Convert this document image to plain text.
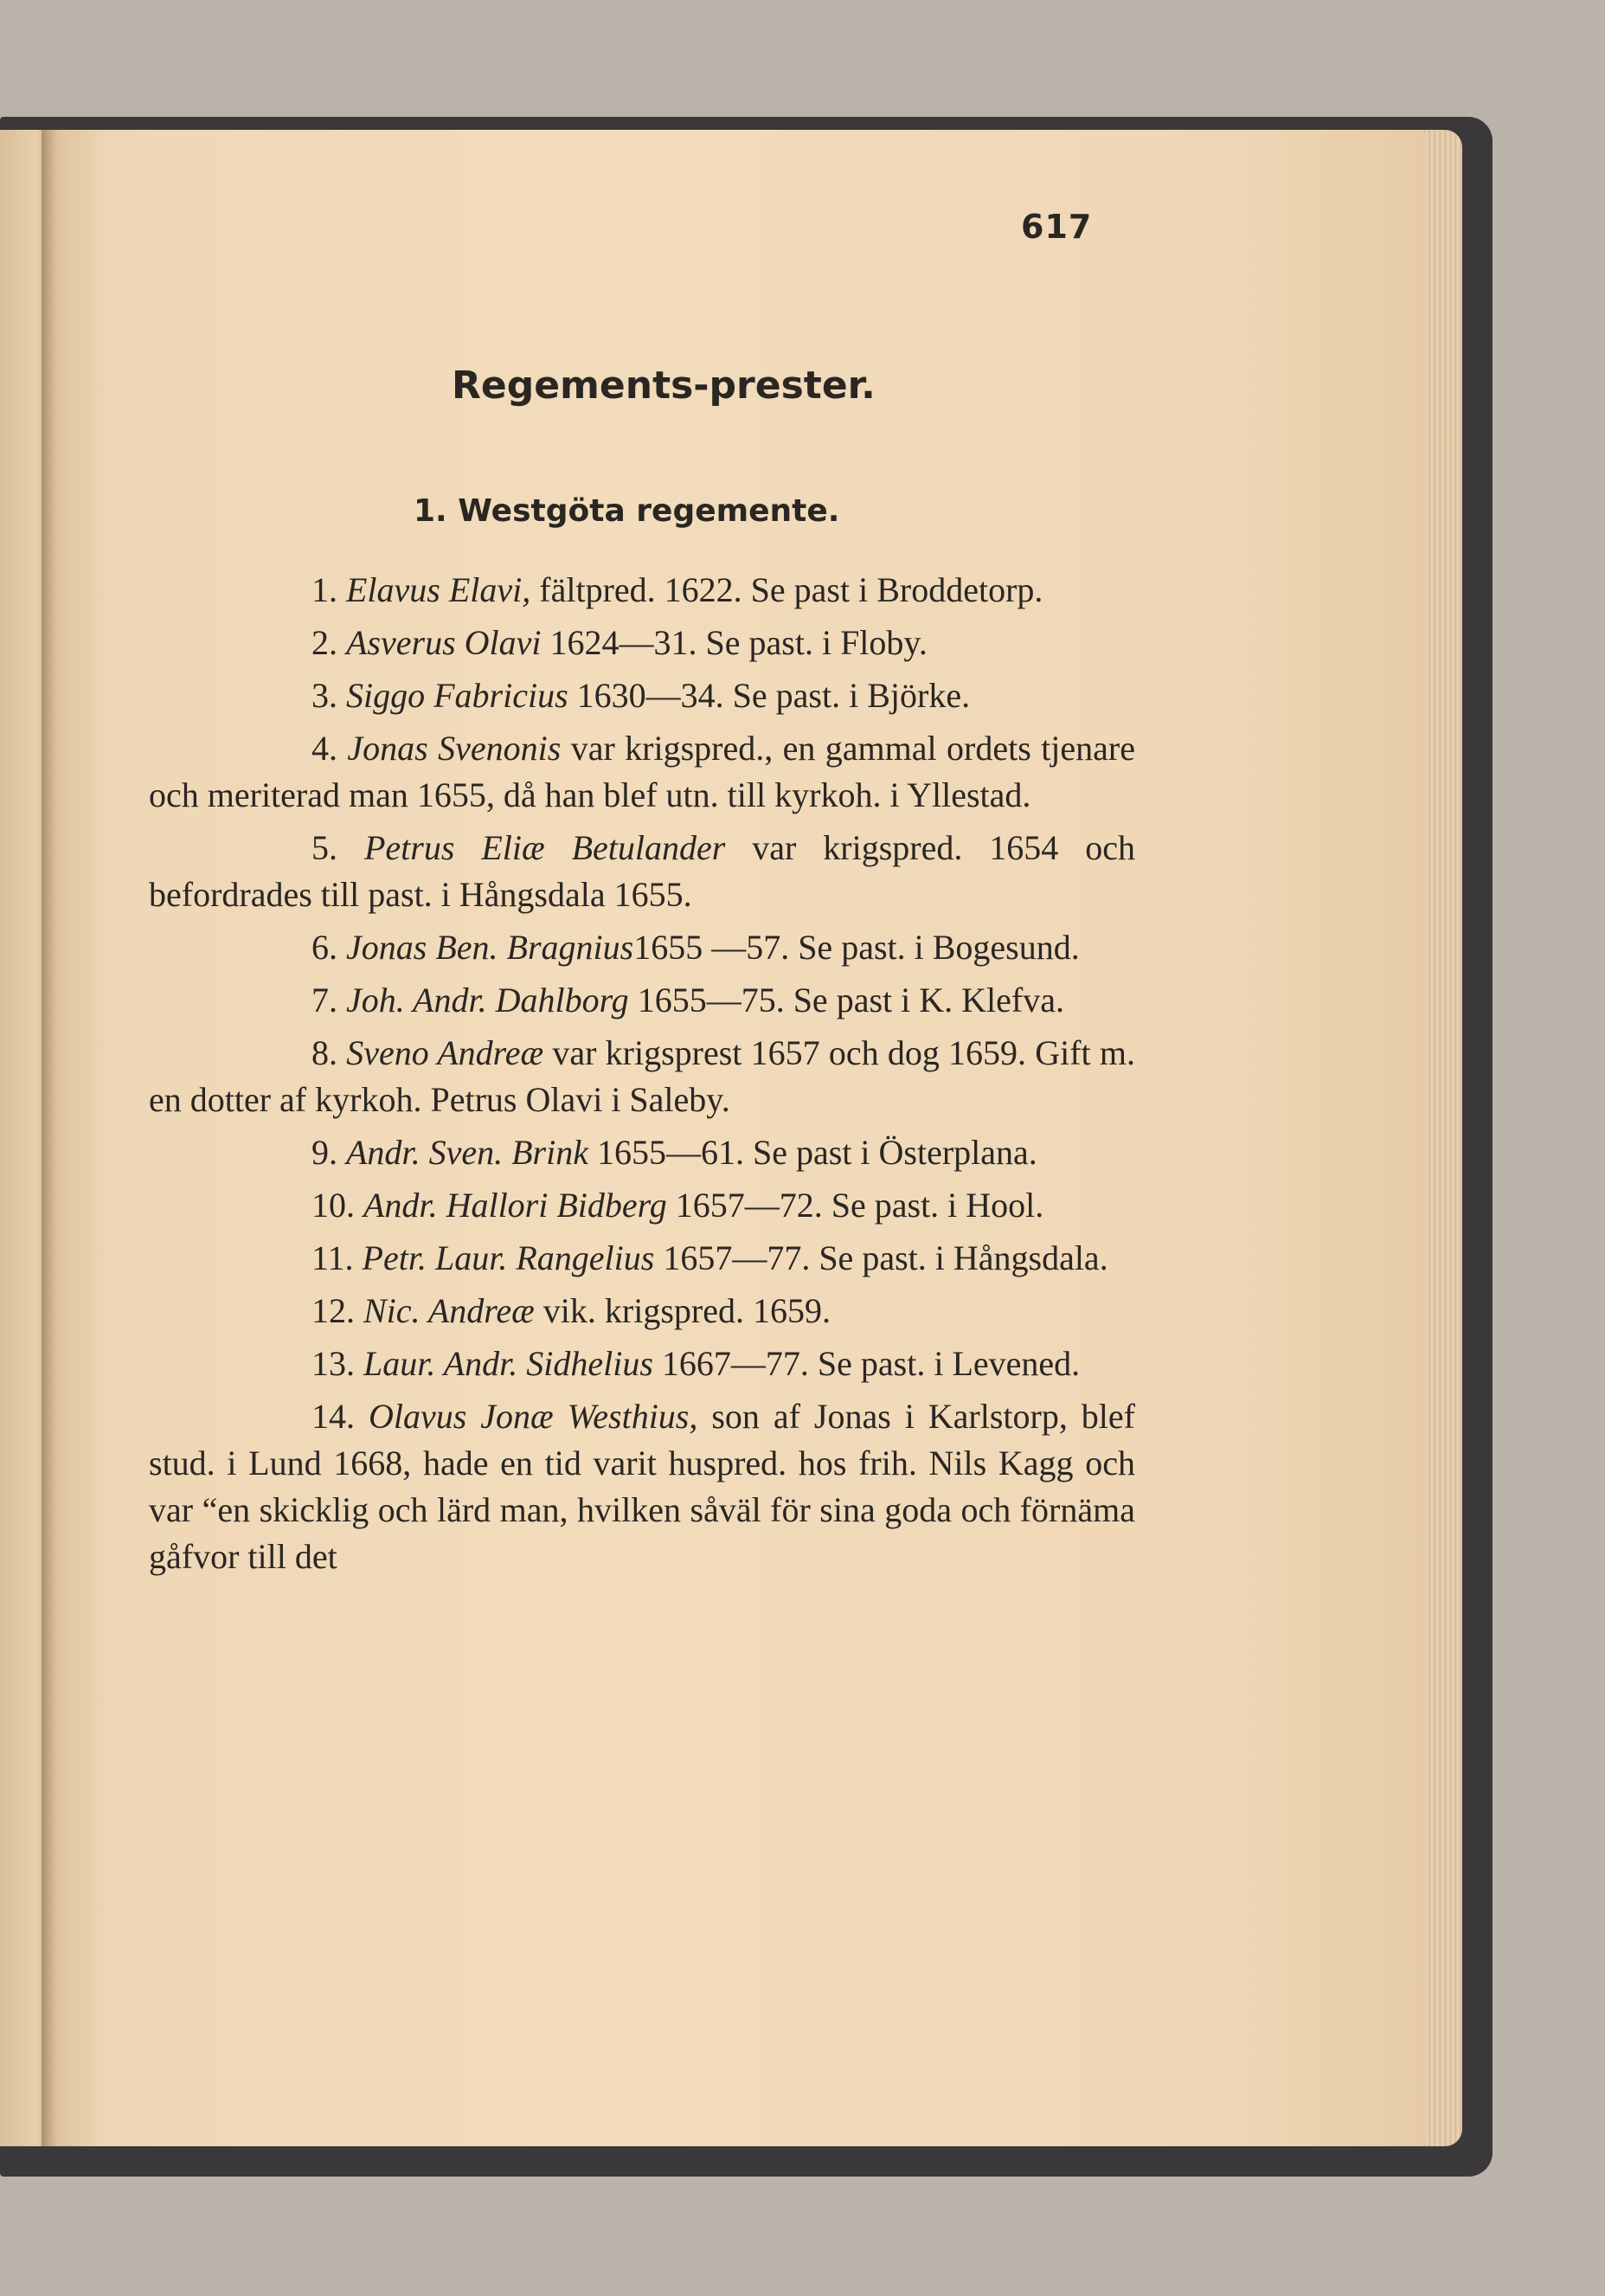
617
Regements-prester.
1. Westgöta regemente.

1. Elavus Elavi, fältpred. 1622. Se past i Broddetorp.

2. Asverus Olavi 1624—31. Se past. i Floby.

3. Siggo Fabricius 1630—34. Se past. i Björke.

4. Jonas Svenonis var krigspred., en gammal ordets tjenare och meriterad man 1655, då han blef utn. till kyrkoh. i Yllestad.

5. Petrus Eliæ Betulander var krigspred. 1654 och befordrades till past. i Hångsdala 1655.

6. Jonas Ben. Bragnius1655 —57. Se past. i Bogesund.

7. Joh. Andr. Dahlborg 1655—75. Se past i K. Klefva.

8. Sveno Andreæ var krigsprest 1657 och dog 1659. Gift m. en dotter af kyrkoh. Petrus Olavi i Saleby.

9. Andr. Sven. Brink 1655—61. Se past i Österplana.

10. Andr. Hallori Bidberg 1657—72. Se past. i Hool.

11. Petr. Laur. Rangelius 1657—77. Se past. i Hångsdala.

12. Nic. Andreæ vik. krigspred. 1659.

13. Laur. Andr. Sidhelius 1667—77. Se past. i Levened.

14. Olavus Jonæ Westhius, son af Jonas i Karlstorp, blef stud. i Lund 1668, hade en tid varit huspred. hos frih. Nils Kagg och var “en skicklig och lärd man, hvilken såväl för sina goda och förnäma gåfvor till det
